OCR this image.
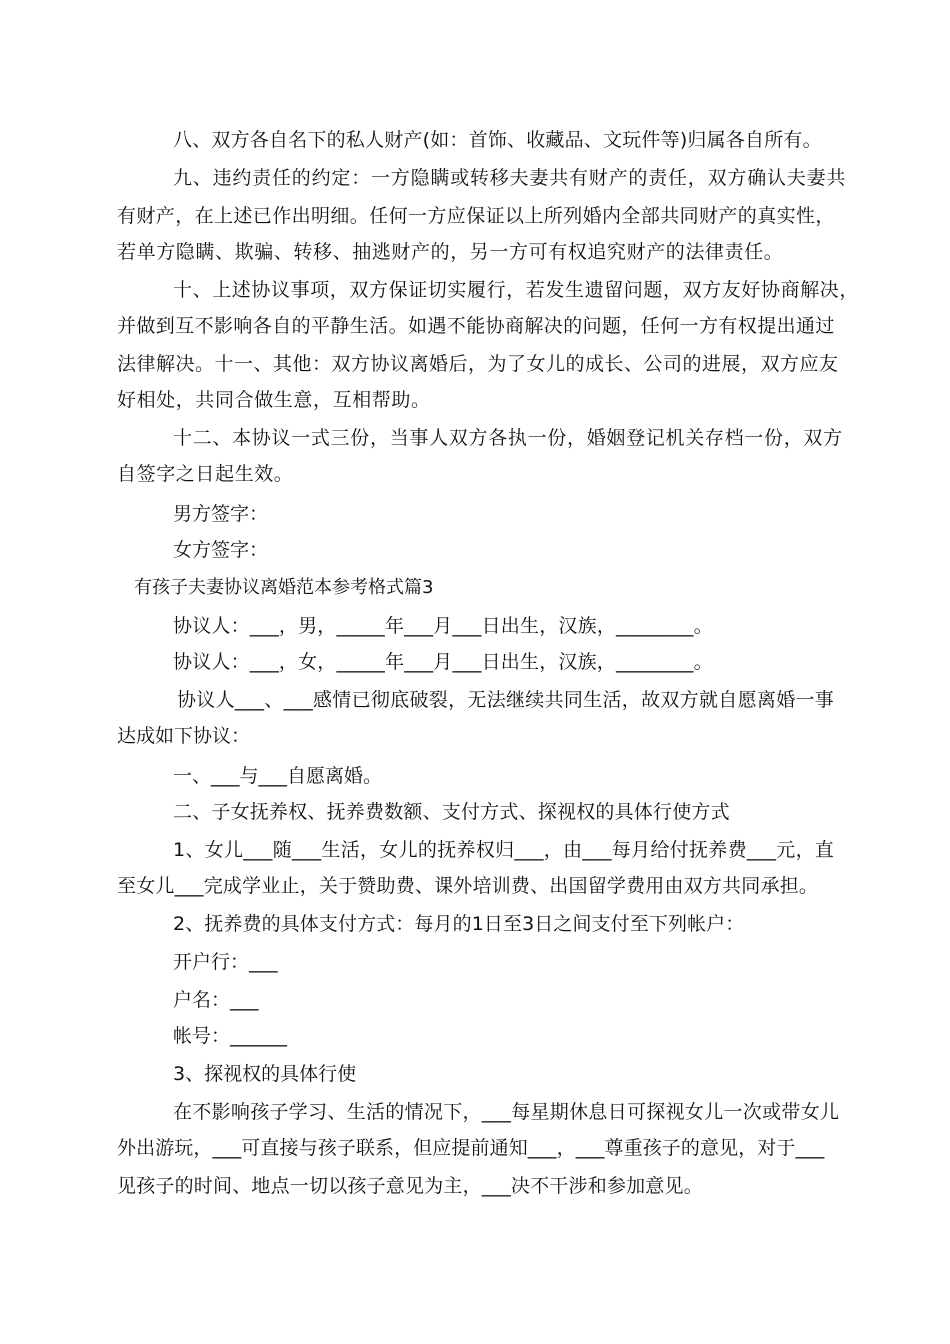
八、双方各自名下的私人财产(如：首饰、收藏品、文玩件等)归属各自所有。
九、违约责任的约定：一方隐瞒或转移夫妻共有财产的责任，双方确认夫妻共
有财产，在上述已作出明细。任何一方应保证以上所列婚内全部共同财产的真实性，
若单方隐瞒、欺骗、转移、抽逃财产的，另一方可有权追究财产的法律责任。
十、上述协议事项，双方保证切实履行，若发生遗留问题，双方友好协商解决，
并做到互不影响各自的平静生活。如遇不能协商解决的问题，任何一方有权提出通过
法律解决。十一、其他：双方协议离婚后，为了女儿的成长、公司的进展，双方应友
好相处，共同合做生意，互相帮助。
十二、本协议一式三份，当事人双方各执一份，婚姻登记机关存档一份，双方
自签字之日起生效。
男方签字：
女方签字：
有孩子夫妻协议离婚范本参考格式篇3
协议人：___，男，_____年___月___日出生，汉族，________。
协议人：___，女，_____年___月___日出生，汉族，________。
协议人___、___感情已彻底破裂，无法继续共同生活，故双方就自愿离婚一事
达成如下协议：
一、___与___自愿离婚。
二、子女抚养权、抚养费数额、支付方式、探视权的具体行使方式
1、女儿___随___生活，女儿的抚养权归___，由___每月给付抚养费___元，直
至女儿___完成学业止，关于赞助费、课外培训费、出国留学费用由双方共同承担。
2、抚养费的具体支付方式：每月的1日至3日之间支付至下列帐户：
开户行：___
户名：___
帐号：______
3、探视权的具体行使
在不影响孩子学习、生活的情况下，___每星期休息日可探视女儿一次或带女儿
外出游玩，___可直接与孩子联系，但应提前通知___，___尊重孩子的意见，对于___
见孩子的时间、地点一切以孩子意见为主，___决不干涉和参加意见。
